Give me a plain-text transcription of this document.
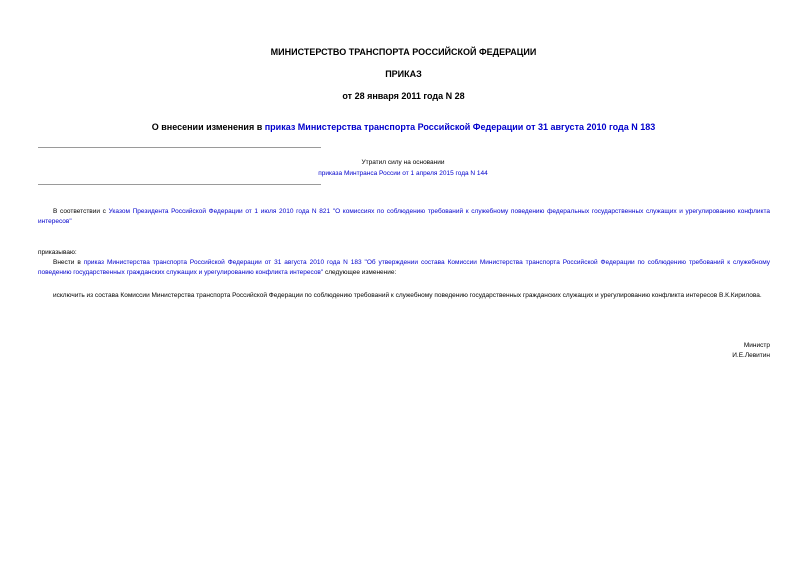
МИНИСТЕРСТВО ТРАНСПОРТА РОССИЙСКОЙ ФЕДЕРАЦИИ
ПРИКАЗ
от 28 января 2011 года N 28
О внесении изменения в приказ Министерства транспорта Российской Федерации от 31 августа 2010 года N 183
Утратил силу на основании
приказа Минтранса России от 1 апреля 2015 года N 144
В соответствии с Указом Президента Российской Федерации от 1 июля 2010 года N 821 "О комиссиях по соблюдению требований к служебному поведению федеральных государственных служащих и урегулированию конфликта интересов"
приказываю:
Внести в приказ Министерства транспорта Российской Федерации от 31 августа 2010 года N 183 "Об утверждении состава Комиссии Министерства транспорта Российской Федерации по соблюдению требований к служебному поведению государственных гражданских служащих и урегулированию конфликта интересов" следующее изменение:
исключить из состава Комиссии Министерства транспорта Российской Федерации по соблюдению требований к служебному поведению государственных гражданских служащих и урегулированию конфликта интересов В.К.Кирилова.
Министр
И.Е.Левитин
